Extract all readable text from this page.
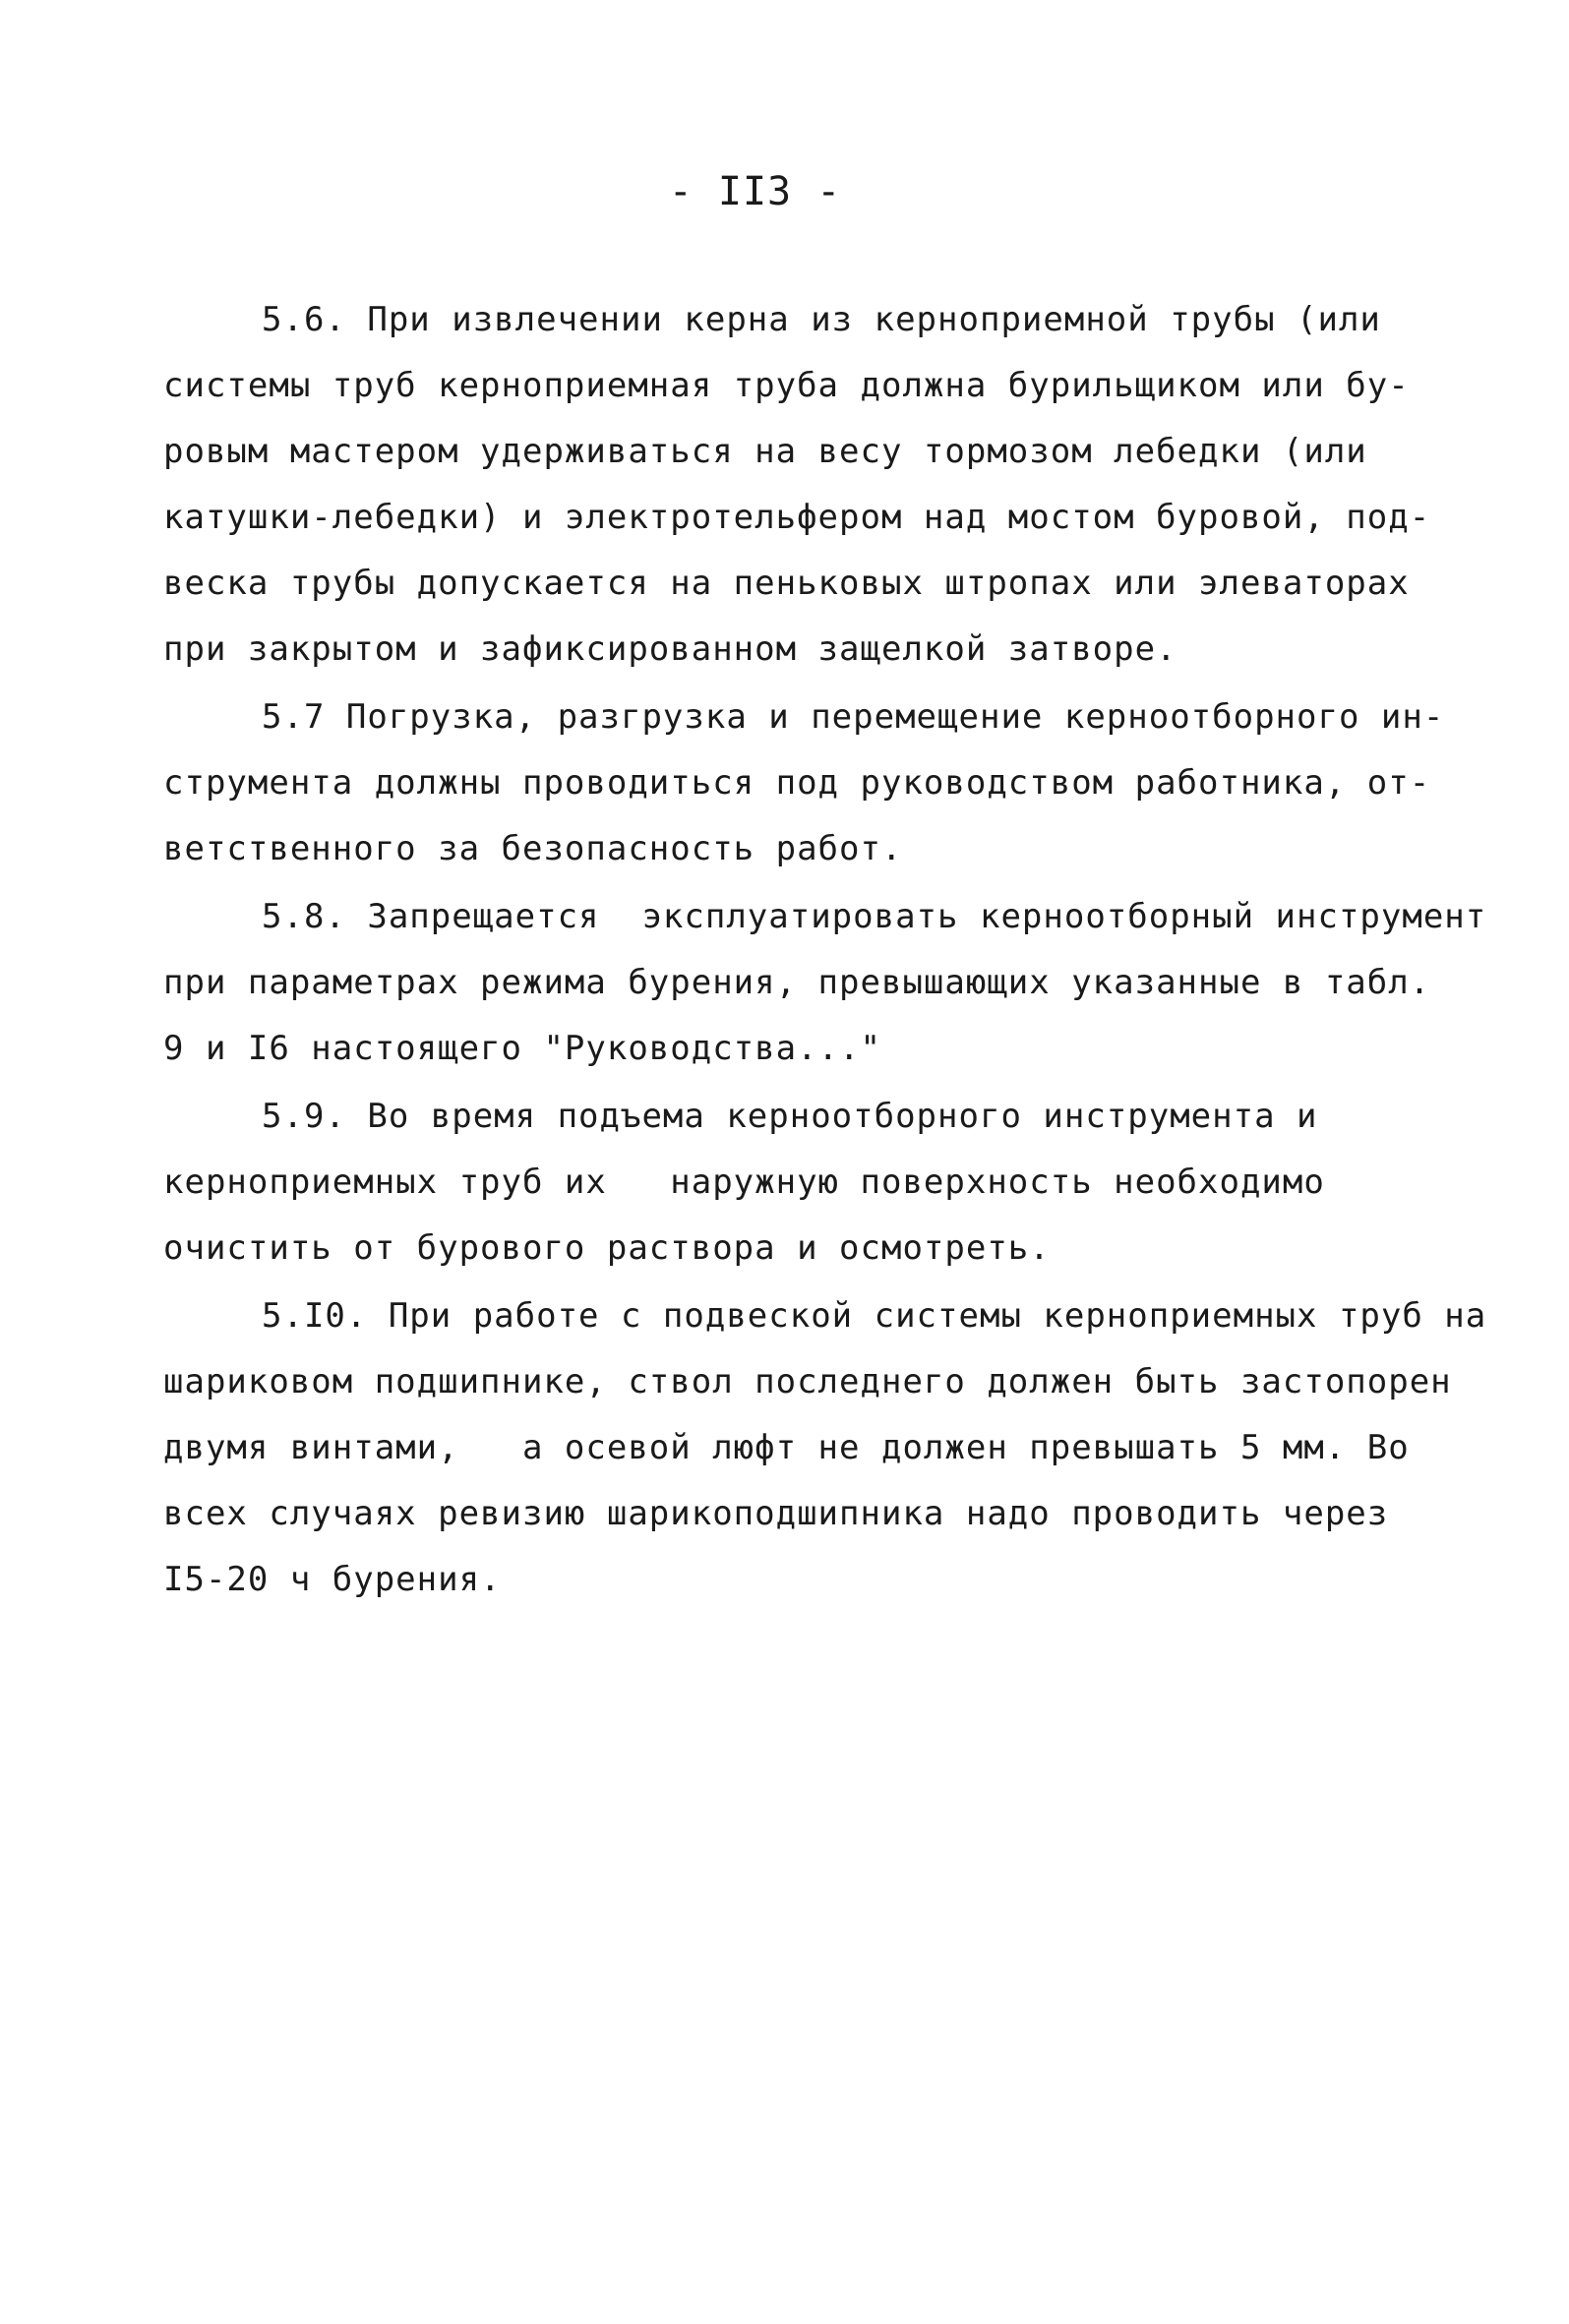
- II3 -
5.6. При извлечении керна из керноприемной трубы (или
системы труб керноприемная труба должна бурильщиком или бу-
ровым мастером удерживаться на весу тормозом лебедки (или
катушки-лебедки) и электротельфером над мостом буровой, под-
веска трубы допускается на пеньковых штропах или элеваторах
при закрытом и зафиксированном защелкой затворе.
5.7 Погрузка, разгрузка и перемещение керноотборного ин-
струмента должны проводиться под руководством работника, от-
ветственного за безопасность работ.
5.8. Запрещается  эксплуатировать керноотборный инструмент
при параметрах режима бурения, превышающих указанные в табл.
9 и I6 настоящего "Руководства..."
5.9. Во время подъема керноотборного инструмента и
керноприемных труб их   наружную поверхность необходимо
очистить от бурового раствора и осмотреть.
5.I0. При работе с подвеской системы керноприемных труб на
шариковом подшипнике, ствол последнего должен быть застопорен
двумя винтами,   а осевой люфт не должен превышать 5 мм. Во
всех случаях ревизию шарикоподшипника надо проводить через
I5-20 ч бурения.
